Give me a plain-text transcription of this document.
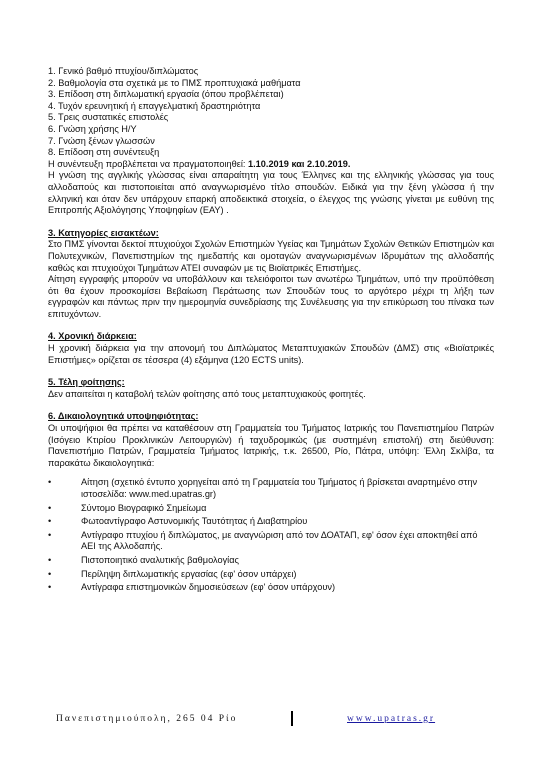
1. Γενικό βαθμό πτυχίου/διπλώματος
2. Βαθμολογία στα σχετικά με το ΠΜΣ προπτυχιακά μαθήματα
3. Επίδοση στη διπλωματική εργασία (όπου προβλέπεται)
4. Τυχόν ερευνητική ή επαγγελματική δραστηριότητα
5. Τρεις συστατικές επιστολές
6. Γνώση χρήσης Η/Υ
7. Γνώση ξένων γλωσσών
8. Επίδοση στη συνέντευξη
Η συνέντευξη προβλέπεται να πραγματοποιηθεί: 1.10.2019 και 2.10.2019.
Η γνώση της αγγλικής γλώσσας είναι απαραίτητη για τους Έλληνες και της ελληνικής γλώσσας για τους αλλοδαπούς και πιστοποιείται από αναγνωρισμένο τίτλο σπουδών. Ειδικά για την ξένη γλώσσα ή την ελληνική και όταν δεν υπάρχουν επαρκή αποδεικτικά στοιχεία, ο έλεγχος της γνώσης γίνεται με ευθύνη της Επιτροπής Αξιολόγησης Υποψηφίων (ΕΑΥ) .
3. Κατηγορίες εισακτέων:
Στο ΠΜΣ γίνονται δεκτοί πτυχιούχοι Σχολών Επιστημών Υγείας και Τμημάτων Σχολών Θετικών Επιστημών και Πολυτεχνικών, Πανεπιστημίων της ημεδαπής και ομοταγών αναγνωρισμένων Ιδρυμάτων της αλλοδαπής καθώς και πτυχιούχοι Τμημάτων ΑΤΕΙ συναφών με τις Βιοϊατρικές Επιστήμες.
Αίτηση εγγραφής μπορούν να υποβάλλουν και τελειόφοιτοι των ανωτέρω Τμημάτων, υπό την προϋπόθεση ότι θα έχουν προσκομίσει Βεβαίωση Περάτωσης των Σπουδών τους το αργότερο μέχρι τη λήξη των εγγραφών και πάντως πριν την ημερομηνία συνεδρίασης της Συνέλευσης για την επικύρωση του πίνακα των επιτυχόντων.
4. Χρονική διάρκεια:
Η χρονική διάρκεια για την απονομή του Διπλώματος Μεταπτυχιακών Σπουδών (ΔΜΣ) στις «Βιοϊατρικές Επιστήμες» ορίζεται σε τέσσερα (4) εξάμηνα (120 ECTS units).
5. Τέλη φοίτησης:
Δεν απαιτείται η καταβολή τελών φοίτησης από τους μεταπτυχιακούς φοιτητές.
6. Δικαιολογητικά υποψηφιότητας:
Οι υποψήφιοι θα πρέπει να καταθέσουν στη Γραμματεία του Τμήματος Ιατρικής του Πανεπιστημίου Πατρών (Ισόγειο Κτιρίου Προκλινικών Λειτουργιών) ή ταχυδρομικώς (με συστημένη επιστολή) στη διεύθυνση: Πανεπιστήμιο Πατρών, Γραμματεία Τμήματος Ιατρικής, τ.κ. 26500, Ρίο, Πάτρα, υπόψη: Έλλη Σκλίβα, τα παρακάτω δικαιολογητικά:
•	Αίτηση (σχετικό έντυπο χορηγείται από τη Γραμματεία του Τμήματος ή βρίσκεται αναρτημένο στην ιστοσελίδα: www.med.upatras.gr)
•	Σύντομο Βιογραφικό Σημείωμα
•	Φωτοαντίγραφο Αστυνομικής Ταυτότητας ή Διαβατηρίου
•	Αντίγραφο πτυχίου ή διπλώματος, με αναγνώριση από τον ΔΟΑΤΑΠ, εφ' όσον έχει αποκτηθεί από ΑΕΙ της Αλλοδαπής.
•	Πιστοποιητικό αναλυτικής βαθμολογίας
•	Περίληψη διπλωματικής εργασίας (εφ' όσον υπάρχει)
•	Αντίγραφα επιστημονικών δημοσιεύσεων (εφ' όσον υπάρχουν)
Πανεπιστημιούπολη, 265 04 Ρίο	www.upatras.gr
